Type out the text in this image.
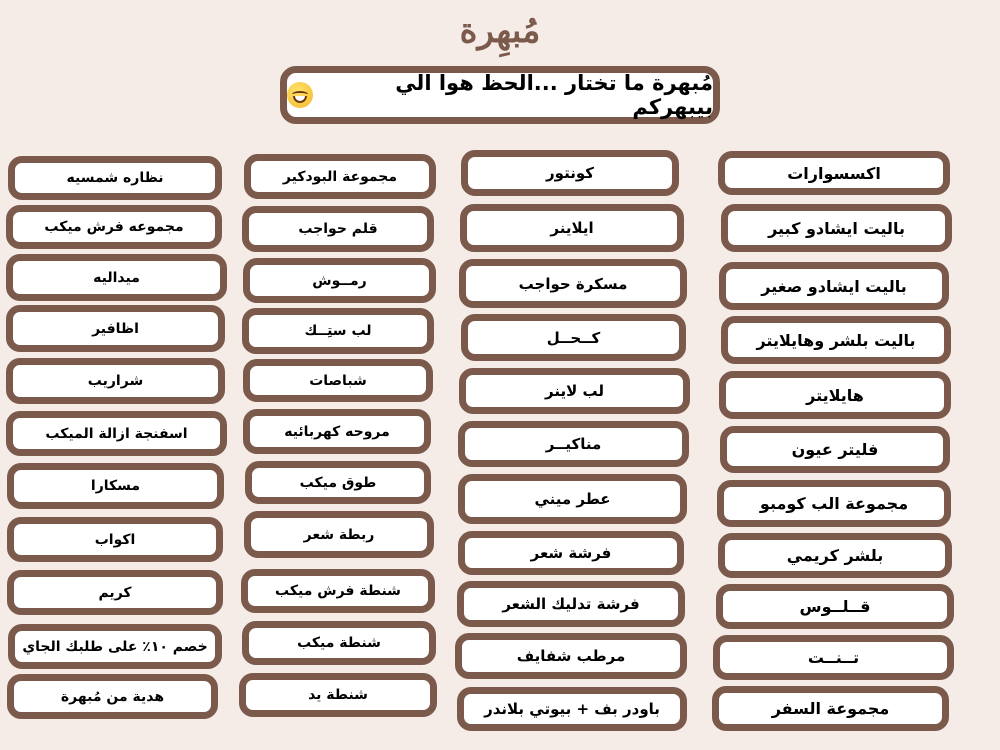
مُبهِرة
مُبهرة ما تختار ...الحظ هوا الي بيبهركم
اكسسوارات
باليت ايشادو كبير
باليت ايشادو صغير
باليت بلشر وهايلايتر
هايلايتر
فليتر عيون
مجموعة الب كومبو
بلشر كريمي
قــلــوس
تــنــت
مجموعة السفر
كونتور
ايلاينر
مسكرة حواجب
كــحــل
لب لاينر
مناكيــر
عطر ميني
فرشة شعر
فرشة تدليك الشعر
مرطب شفايف
باودر بف + بيوتي بلاندر
مجموعة البودكير
قلم حواجب
رمــوش
لب ستِــك
شباصات
مروحه كهربائيه
طوق ميكب
ربطة شعر
شنطة فرش ميكب
شنطة ميكب
شنطة يد
نظاره شمسيه
مجموعه فرش ميكب
ميداليه
اظافير
شراريب
اسفنجة ازالة الميكب
مسكارا
اكواب
كريم
خصم ١٠٪ على طلبك الجاي
هدية من مُبهرة
